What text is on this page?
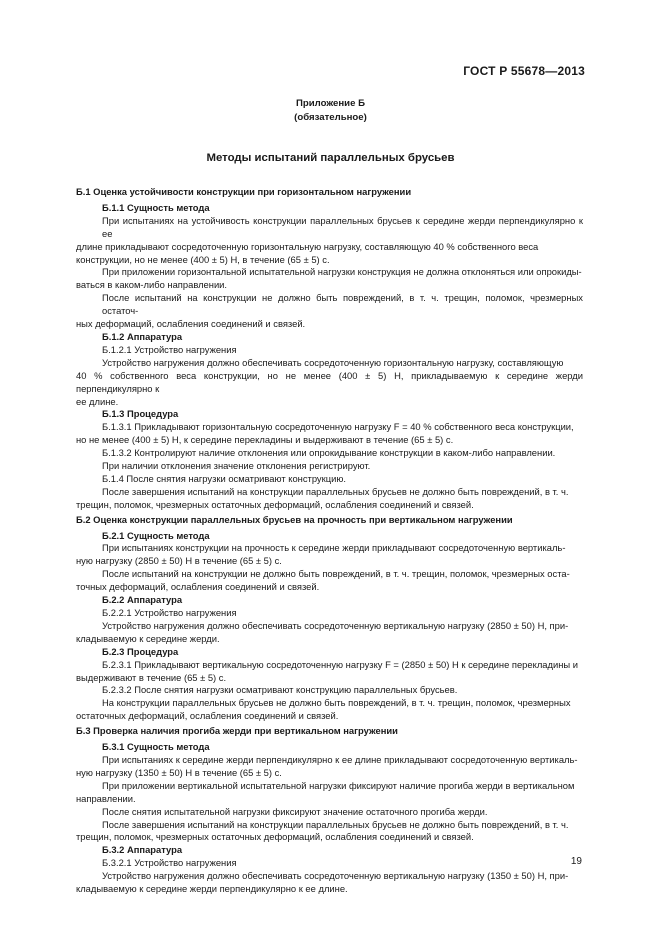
ГОСТ Р 55678—2013
Приложение Б
(обязательное)
Методы испытаний параллельных брусьев
Б.1 Оценка устойчивости конструкции при горизонтальном нагружении
Б.1.1 Сущность метода
При испытаниях на устойчивость конструкции параллельных брусьев к середине жерди перпендикулярно к ее
длине прикладывают сосредоточенную горизонтальную нагрузку, составляющую 40 % собственного веса
конструкции, но не менее (400 ± 5) Н, в течение (65 ± 5) с.
При приложении горизонтальной испытательной нагрузки конструкция не должна отклоняться или опрокиды-
ваться в каком-либо направлении.
После испытаний на конструкции не должно быть повреждений, в т. ч. трещин, поломок, чрезмерных остаточ-
ных деформаций, ослабления соединений и связей.
Б.1.2 Аппаратура
Б.1.2.1 Устройство нагружения
Устройство нагружения должно обеспечивать сосредоточенную горизонтальную нагрузку, составляющую
40 % собственного веса конструкции, но не менее (400 ± 5) Н, прикладываемую к середине жерди перпендикулярно к
ее длине.
Б.1.3 Процедура
Б.1.3.1 Прикладывают горизонтальную сосредоточенную нагрузку F = 40 % собственного веса конструкции,
но не менее (400 ± 5) Н, к середине перекладины и выдерживают в течение (65 ± 5) с.
Б.1.3.2 Контролируют наличие отклонения или опрокидывание конструкции в каком-либо направлении.
При наличии отклонения значение отклонения регистрируют.
Б.1.4 После снятия нагрузки осматривают конструкцию.
После завершения испытаний на конструкции параллельных брусьев не должно быть повреждений, в т. ч.
трещин, поломок, чрезмерных остаточных деформаций, ослабления соединений и связей.
Б.2 Оценка конструкции параллельных брусьев на прочность при вертикальном нагружении
Б.2.1 Сущность метода
При испытаниях конструкции на прочность к середине жерди прикладывают сосредоточенную вертикаль-
ную нагрузку (2850 ± 50) Н в течение (65 ± 5) с.
После испытаний на конструкции не должно быть повреждений, в т. ч. трещин, поломок, чрезмерных оста-
точных деформаций, ослабления соединений и связей.
Б.2.2 Аппаратура
Б.2.2.1 Устройство нагружения
Устройство нагружения должно обеспечивать сосредоточенную вертикальную нагрузку (2850 ± 50) Н, при-
кладываемую к середине жерди.
Б.2.3 Процедура
Б.2.3.1 Прикладывают вертикальную сосредоточенную нагрузку F = (2850 ± 50) Н к середине перекладины и
выдерживают в течение (65 ± 5) с.
Б.2.3.2 После снятия нагрузки осматривают конструкцию параллельных брусьев.
На конструкции параллельных брусьев не должно быть повреждений, в т. ч. трещин, поломок, чрезмерных
остаточных деформаций, ослабления соединений и связей.
Б.3 Проверка наличия прогиба жерди при вертикальном нагружении
Б.3.1 Сущность метода
При испытаниях к середине жерди перпендикулярно к ее длине прикладывают сосредоточенную вертикаль-
ную нагрузку (1350 ± 50) Н в течение (65 ± 5) с.
При приложении вертикальной испытательной нагрузки фиксируют наличие прогиба жерди в вертикальном
направлении.
После снятия испытательной нагрузки фиксируют значение остаточного прогиба жерди.
После завершения испытаний на конструкции параллельных брусьев не должно быть повреждений, в т. ч.
трещин, поломок, чрезмерных остаточных деформаций, ослабления соединений и связей.
Б.3.2 Аппаратура
Б.3.2.1 Устройство нагружения
Устройство нагружения должно обеспечивать сосредоточенную вертикальную нагрузку (1350 ± 50) Н, при-
кладываемую к середине жерди перпендикулярно к ее длине.
19
